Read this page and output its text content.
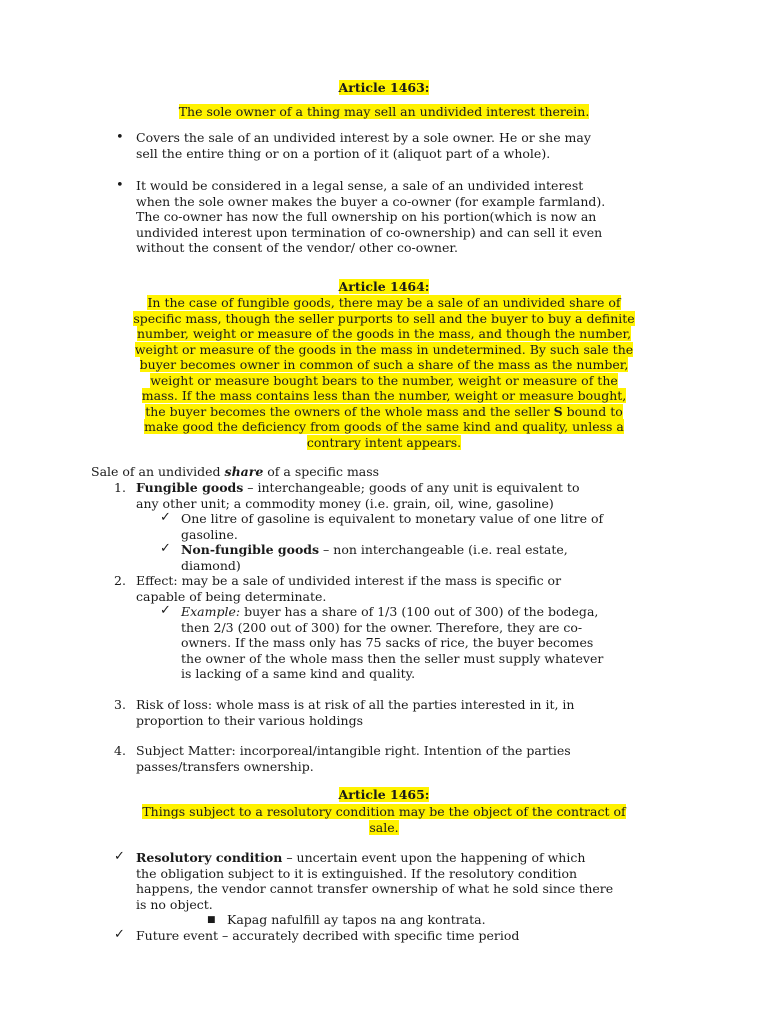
Article 1463:
The sole owner of a thing may sell an undivided interest therein.
• Covers the sale of an undivided interest by a sole owner. He or she may
sell the entire thing or on a portion of it (aliquot part of a whole).
• It would be considered in a legal sense, a sale of an undivided interest
when the sole owner makes the buyer a co-owner (for example farmland).
The co-owner has now the full ownership on his portion(which is now an
undivided interest upon termination of co-ownership) and can sell it even
without the consent of the vendor/ other co-owner.
Article 1464:
In the case of fungible goods, there may be a sale of an undivided share of
specific mass, though the seller purports to sell and the buyer to buy a definite
number, weight or measure of the goods in the mass, and though the number,
weight or measure of the goods in the mass in undetermined. By such sale the
buyer becomes owner in common of such a share of the mass as the number,
weight or measure bought bears to the number, weight or measure of the
mass. If the mass contains less than the number, weight or measure bought,
the buyer becomes the owners of the whole mass and the seller S bound to
make good the deficiency from goods of the same kind and quality, unless a
contrary intent appears.
Sale of an undivided share of a specific mass
1. Fungible goods – interchangeable; goods of any unit is equivalent to
any other unit; a commodity money (i.e. grain, oil, wine, gasoline)
✓ One litre of gasoline is equivalent to monetary value of one litre of
gasoline.
✓ Non-fungible goods – non interchangeable (i.e. real estate,
diamond)
2. Effect: may be a sale of undivided interest if the mass is specific or
capable of being determinate.
✓ Example: buyer has a share of 1/3 (100 out of 300) of the bodega,
then 2/3 (200 out of 300) for the owner. Therefore, they are co-
owners. If the mass only has 75 sacks of rice, the buyer becomes
the owner of the whole mass then the seller must supply whatever
is lacking of a same kind and quality.
3. Risk of loss: whole mass is at risk of all the parties interested in it, in
proportion to their various holdings
4. Subject Matter: incorporeal/intangible right. Intention of the parties
passes/transfers ownership.
Article 1465:
Things subject to a resolutory condition may be the object of the contract of
sale.
✓ Resolutory condition – uncertain event upon the happening of which
the obligation subject to it is extinguished. If the resolutory condition
happens, the vendor cannot transfer ownership of what he sold since there
is no object.
■ Kapag nafulfill ay tapos na ang kontrata.
✓ Future event – accurately decribed with specific time period
